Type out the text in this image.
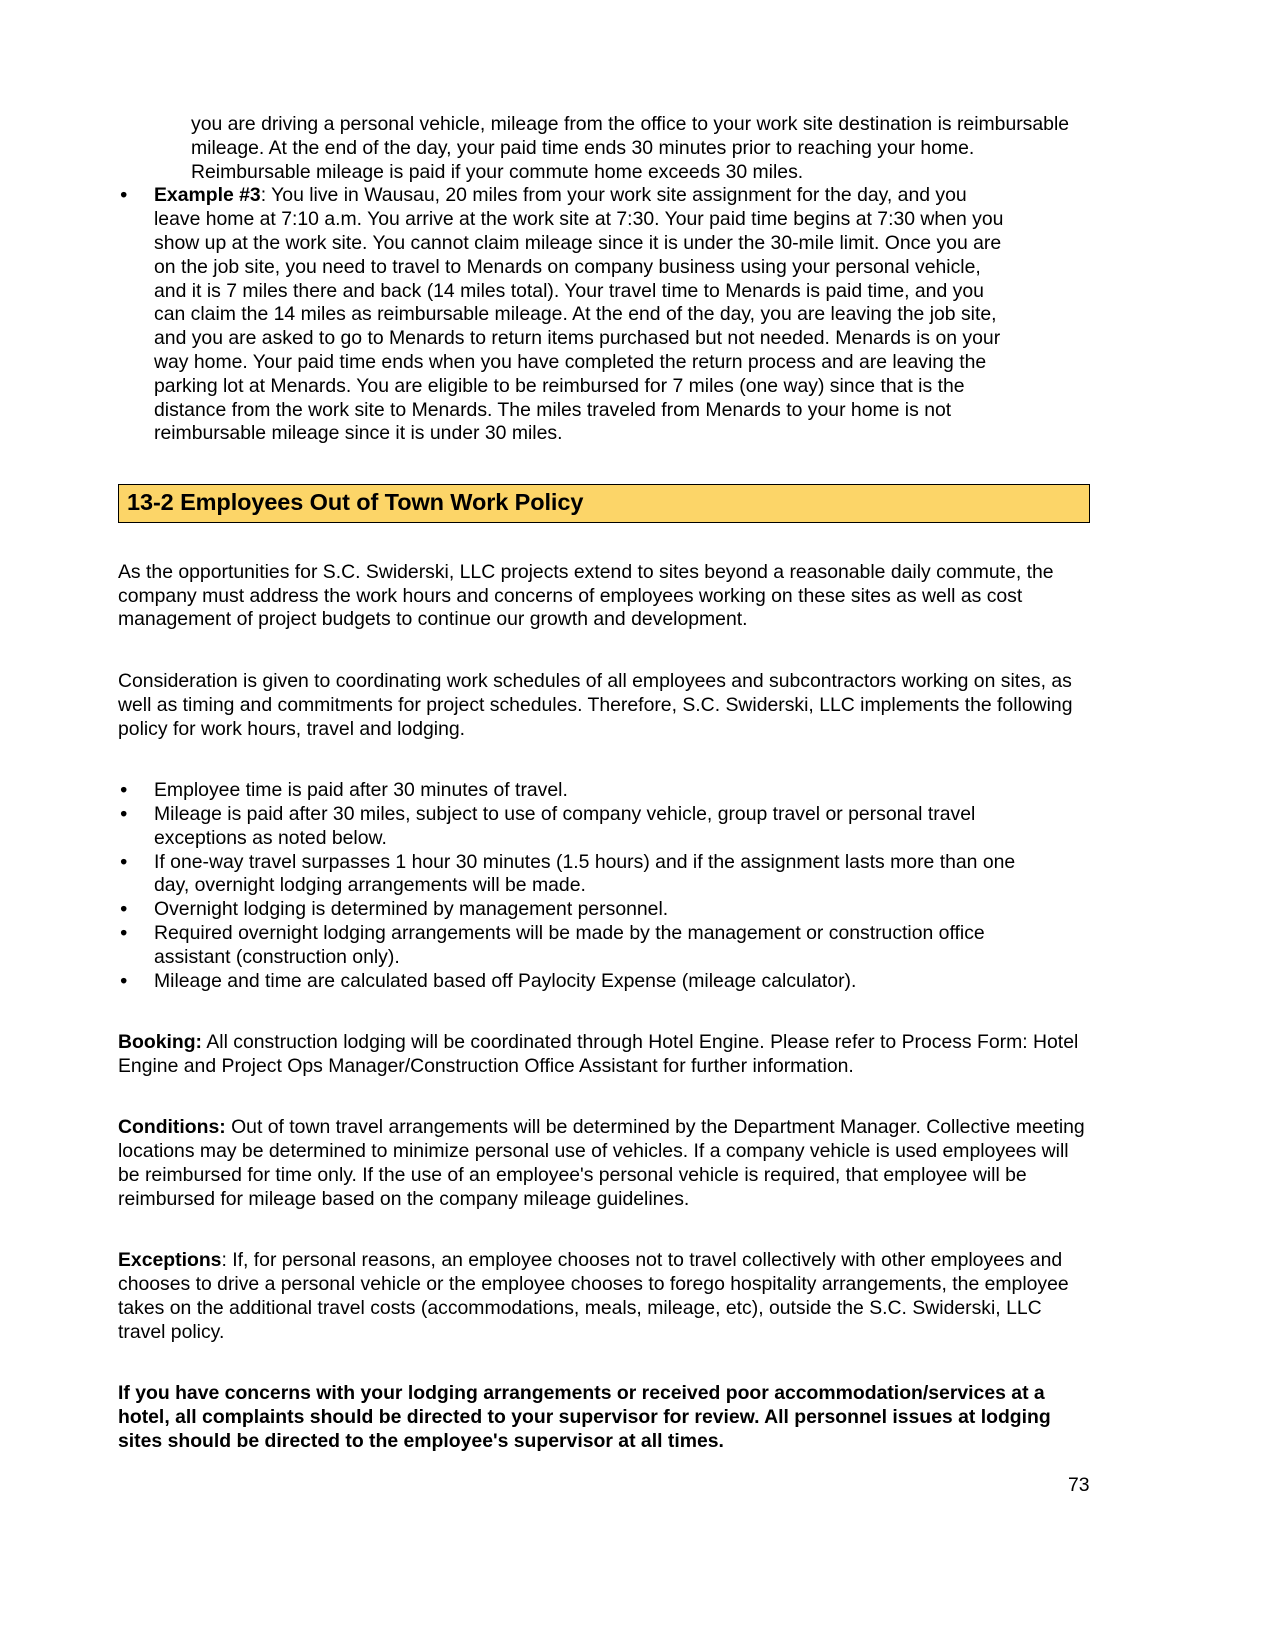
you are driving a personal vehicle, mileage from the office to your work site destination is reimbursable mileage. At the end of the day, your paid time ends 30 minutes prior to reaching your home. Reimbursable mileage is paid if your commute home exceeds 30 miles.

•	Example #3: You live in Wausau, 20 miles from your work site assignment for the day, and you leave home at 7:10 a.m. You arrive at the work site at 7:30. Your paid time begins at 7:30 when you show up at the work site. You cannot claim mileage since it is under the 30-mile limit. Once you are on the job site, you need to travel to Menards on company business using your personal vehicle, and it is 7 miles there and back (14 miles total). Your travel time to Menards is paid time, and you can claim the 14 miles as reimbursable mileage. At the end of the day, you are leaving the job site, and you are asked to go to Menards to return items purchased but not needed. Menards is on your way home. Your paid time ends when you have completed the return process and are leaving the parking lot at Menards. You are eligible to be reimbursed for 7 miles (one way) since that is the distance from the work site to Menards. The miles traveled from Menards to your home is not reimbursable mileage since it is under 30 miles.
13-2 Employees Out of Town Work Policy

As the opportunities for S.C. Swiderski, LLC projects extend to sites beyond a reasonable daily commute, the company must address the work hours and concerns of employees working on these sites as well as cost management of project budgets to continue our growth and development.

Consideration is given to coordinating work schedules of all employees and subcontractors working on sites, as well as timing and commitments for project schedules. Therefore, S.C. Swiderski, LLC implements the following policy for work hours, travel and lodging.

•	Employee time is paid after 30 minutes of travel.
•	Mileage is paid after 30 miles, subject to use of company vehicle, group travel or personal travel exceptions as noted below.
•	If one-way travel surpasses 1 hour 30 minutes (1.5 hours) and if the assignment lasts more than one day, overnight lodging arrangements will be made.
•	Overnight lodging is determined by management personnel.
•	Required overnight lodging arrangements will be made by the management or construction office assistant (construction only).
•	Mileage and time are calculated based off Paylocity Expense (mileage calculator).

Booking: All construction lodging will be coordinated through Hotel Engine. Please refer to Process Form: Hotel Engine and Project Ops Manager/Construction Office Assistant for further information.

Conditions: Out of town travel arrangements will be determined by the Department Manager. Collective meeting locations may be determined to minimize personal use of vehicles. If a company vehicle is used employees will be reimbursed for time only. If the use of an employee's personal vehicle is required, that employee will be reimbursed for mileage based on the company mileage guidelines.

Exceptions: If, for personal reasons, an employee chooses not to travel collectively with other employees and chooses to drive a personal vehicle or the employee chooses to forego hospitality arrangements, the employee takes on the additional travel costs (accommodations, meals, mileage, etc), outside the S.C. Swiderski, LLC travel policy.

If you have concerns with your lodging arrangements or received poor accommodation/services at a hotel, all complaints should be directed to your supervisor for review. All personnel issues at lodging sites should be directed to the employee's supervisor at all times.

73
